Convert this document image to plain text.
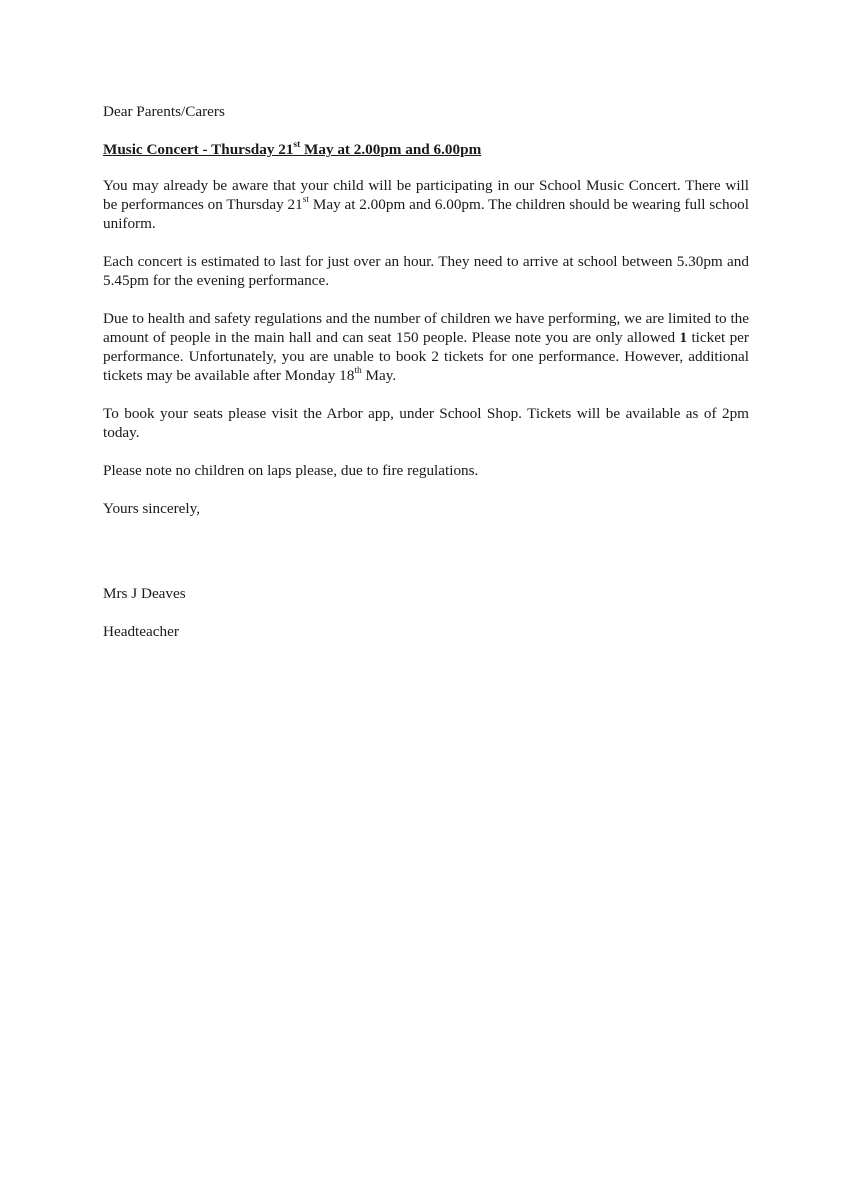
Dear Parents/Carers

Music Concert - Thursday 21st May at 2.00pm and 6.00pm

You may already be aware that your child will be participating in our School Music Concert. There will be performances on Thursday 21st May at 2.00pm and 6.00pm. The children should be wearing full school uniform.

Each concert is estimated to last for just over an hour. They need to arrive at school between 5.30pm and 5.45pm for the evening performance.

Due to health and safety regulations and the number of children we have performing, we are limited to the amount of people in the main hall and can seat 150 people. Please note you are only allowed 1 ticket per performance. Unfortunately, you are unable to book 2 tickets for one performance. However, additional tickets may be available after Monday 18th May.

To book your seats please visit the Arbor app, under School Shop. Tickets will be available as of 2pm today.

Please note no children on laps please, due to fire regulations.

Yours sincerely,

Mrs J Deaves

Headteacher
